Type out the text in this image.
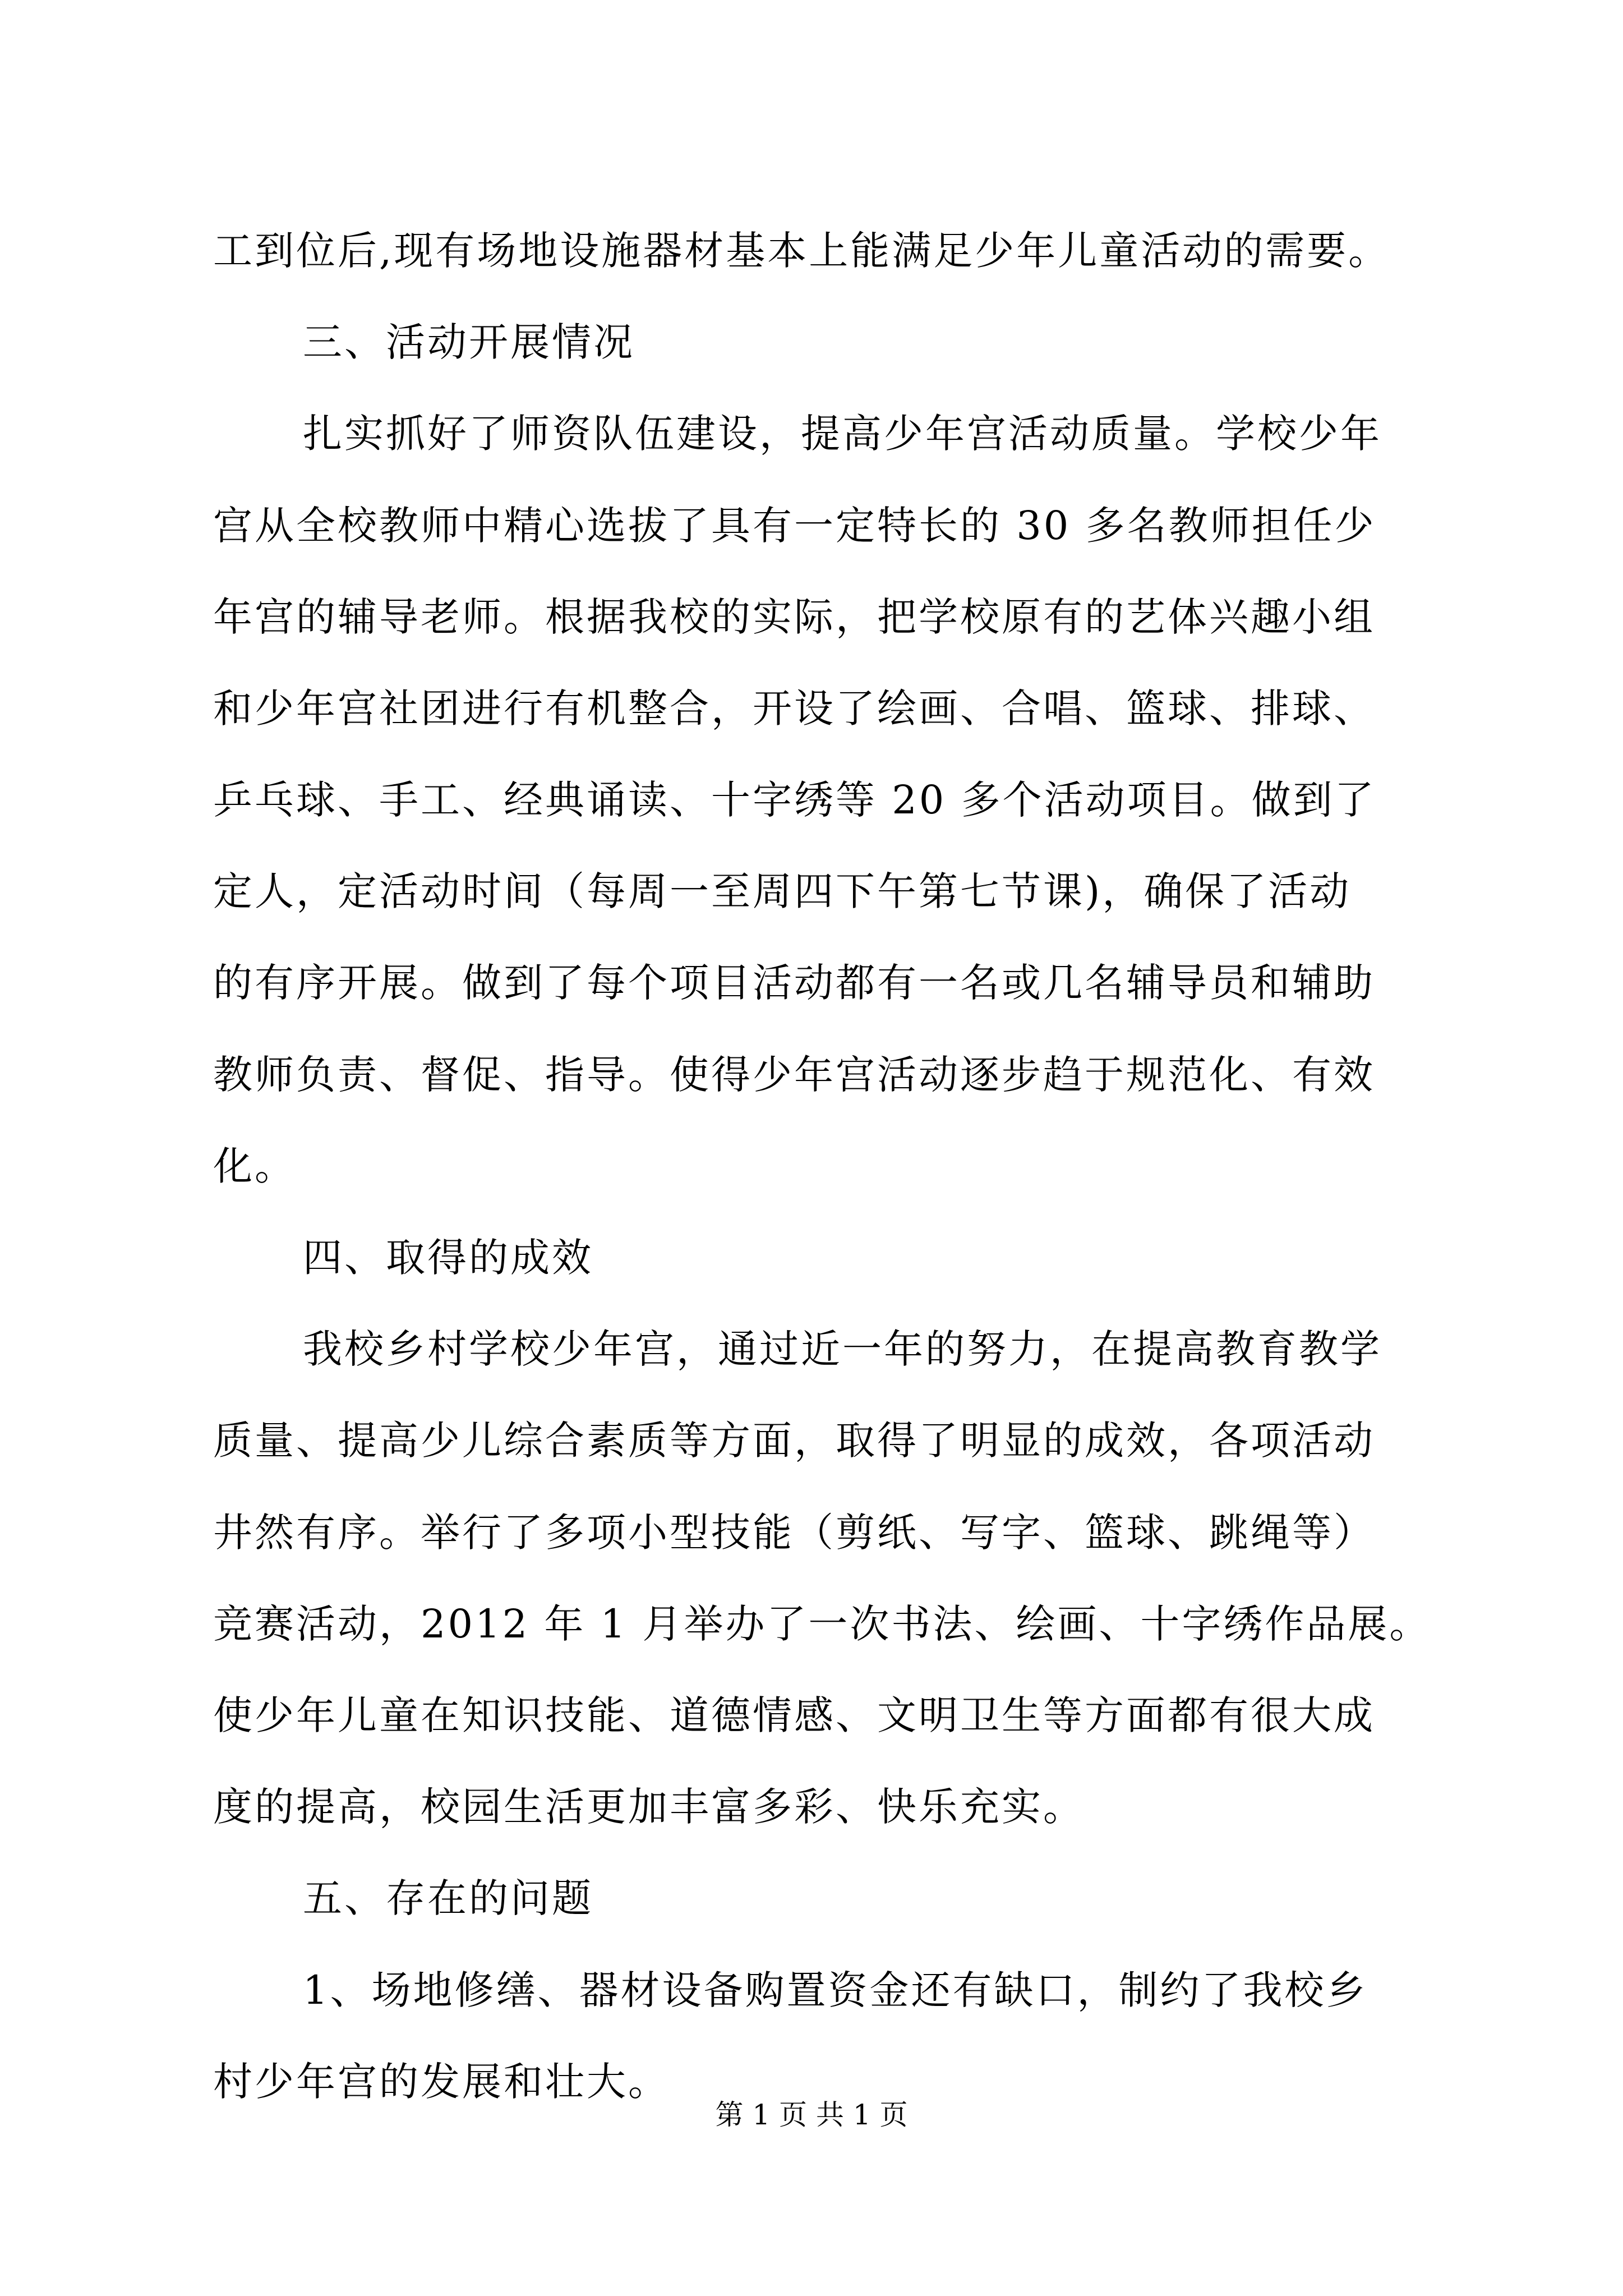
工到位后,现有场地设施器材基本上能满足少年儿童活动的需要。
三、活动开展情况
扎实抓好了师资队伍建设，提高少年宫活动质量。学校少年
宫从全校教师中精心选拔了具有一定特长的 30 多名教师担任少
年宫的辅导老师。根据我校的实际，把学校原有的艺体兴趣小组
和少年宫社团进行有机整合，开设了绘画、合唱、篮球、排球、
乒乓球、手工、经典诵读、十字绣等 20 多个活动项目。做到了
定人，定活动时间（每周一至周四下午第七节课)，确保了活动
的有序开展。做到了每个项目活动都有一名或几名辅导员和辅助
教师负责、督促、指导。使得少年宫活动逐步趋于规范化、有效
化。
四、取得的成效
我校乡村学校少年宫，通过近一年的努力，在提高教育教学
质量、提高少儿综合素质等方面，取得了明显的成效，各项活动
井然有序。举行了多项小型技能（剪纸、写字、篮球、跳绳等）
竞赛活动，2012 年 1 月举办了一次书法、绘画、十字绣作品展。
使少年儿童在知识技能、道德情感、文明卫生等方面都有很大成
度的提高，校园生活更加丰富多彩、快乐充实。
五、存在的问题
1、场地修缮、器材设备购置资金还有缺口，制约了我校乡
村少年宫的发展和壮大。
第 1 页 共 1 页
